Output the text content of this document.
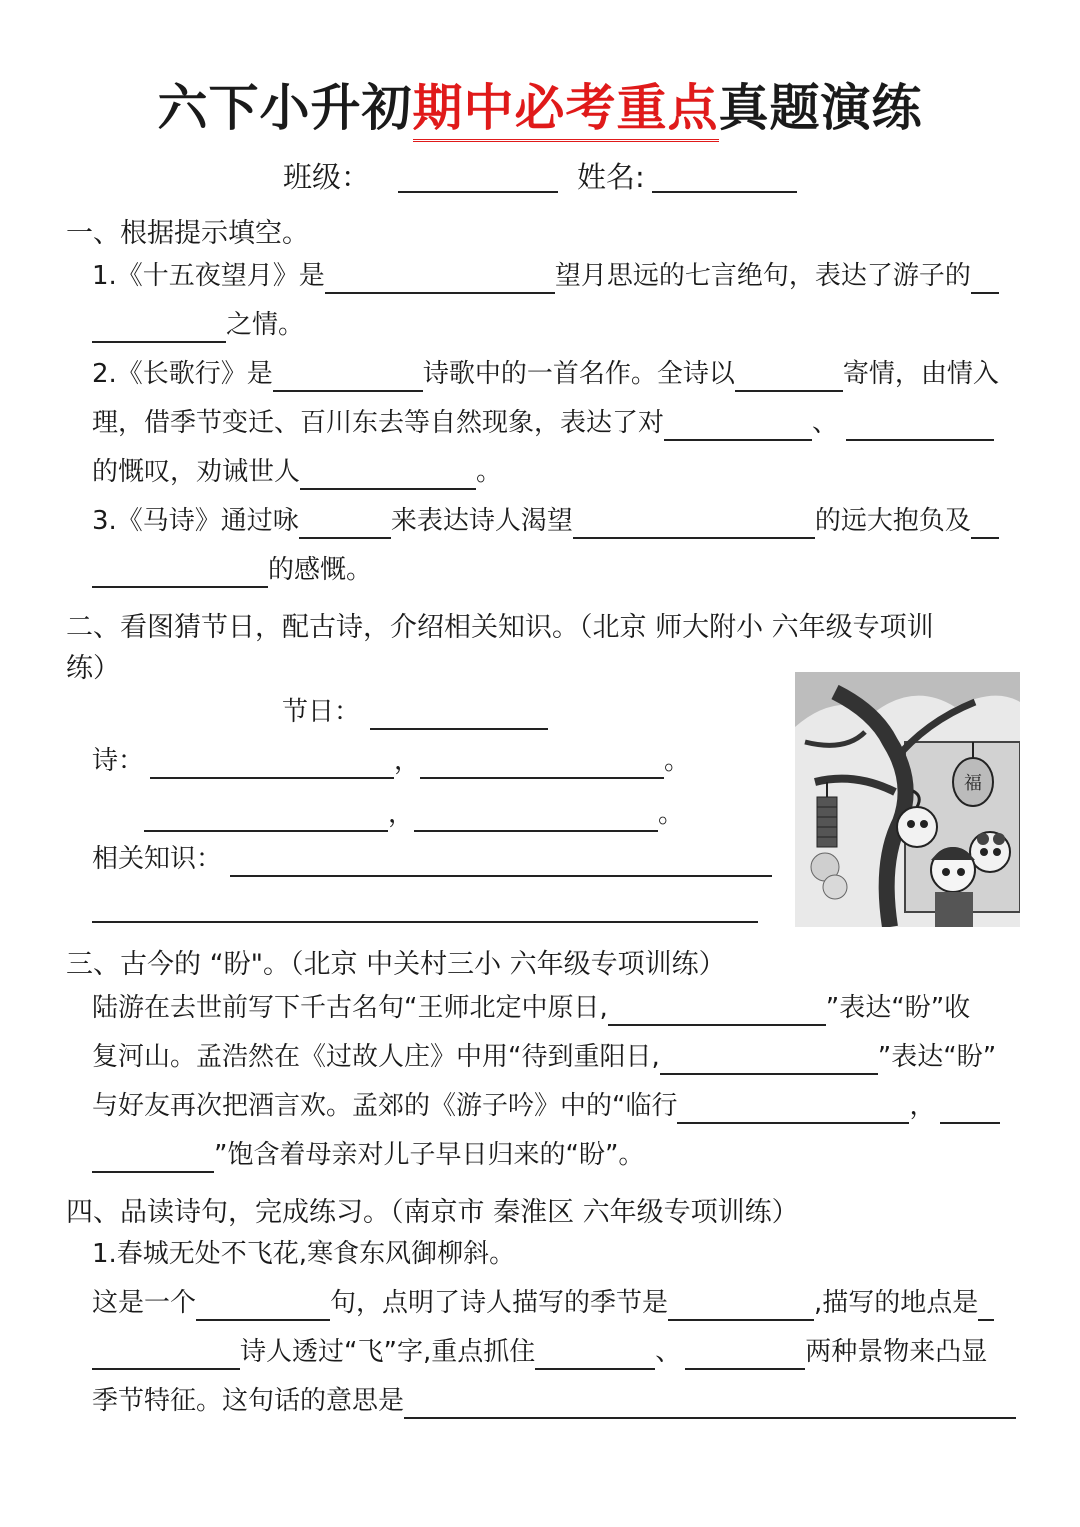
六下小升初期中必考重点真题演练
班级：	姓名:
一、根据提示填空。
1.《十五夜望月》是	望月思远的七言绝句，表达了游子的
之情。
2.《长歌行》是	诗歌中的一首名作。全诗以	寄情，由情入
理，借季节变迁、百川东去等自然现象，表达了对	、
的慨叹，劝诫世人	。
3.《马诗》通过咏	来表达诗人渴望	的远大抱负及
的感慨。
二、看图猜节日，配古诗，介绍相关知识。（北京 师大附小 六年级专项训
练）
节日：
诗：	，	。
，	。
相关知识：
福
三、古今的 “盼"。（北京 中关村三小 六年级专项训练）
陆游在去世前写下千古名句“王师北定中原日,	”表达“盼”收
复河山。孟浩然在《过故人庄》中用“待到重阳日,	”表达“盼”
与好友再次把酒言欢。孟郊的《游子吟》中的“临行	，
”饱含着母亲对儿子早日归来的“盼”。
四、品读诗句，完成练习。（南京市 秦淮区 六年级专项训练）
1.春城无处不飞花,寒食东风御柳斜。
这是一个	句，点明了诗人描写的季节是	,描写的地点是
诗人透过“飞”字,重点抓住	、	两种景物来凸显
季节特征。这句话的意思是
